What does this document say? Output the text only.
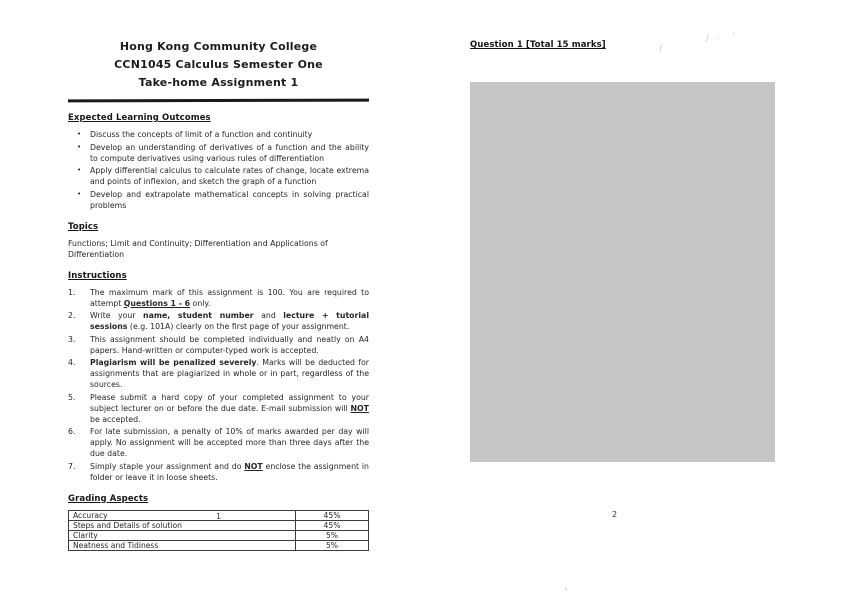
Hong Kong Community College
CCN1045 Calculus Semester One
Take-home Assignment 1
Expected Learning Outcomes
•	Discuss the concepts of limit of a function and continuity
•	Develop an understanding of derivatives of a function and the ability to compute derivatives using various rules of differentiation
•	Apply differential calculus to calculate rates of change, locate extrema and points of inflexion, and sketch the graph of a function
•	Develop and extrapolate mathematical concepts in solving practical problems
Topics

Functions; Limit and Continuity; Differentiation and Applications of Differentiation

Instructions
1.	The maximum mark of this assignment is 100. You are required to attempt Questions 1 - 6 only.
2.	Write your name, student number and lecture + tutorial sessions (e.g. 101A) clearly on the first page of your assignment.
3.	This assignment should be completed individually and neatly on A4 papers. Hand-written or computer-typed work is accepted.
4.	Plagiarism will be penalized severely. Marks will be deducted for assignments that are plagiarized in whole or in part, regardless of the sources.
5.	Please submit a hard copy of your completed assignment to your subject lecturer on or before the due date. E-mail submission will NOT be accepted.
6.	For late submission, a penalty of 10% of marks awarded per day will apply. No assignment will be accepted more than three days after the due date.
7.	Simply staple your assignment and do NOT enclose the assignment in folder or leave it in loose sheets.
Grading Aspects
Accuracy	45%
Steps and Details of solution	45%
Clarity	5%
Neatness and Tidiness	5%
1
Question 1 [Total 15 marks]	(
) ˙
ʾ
2
